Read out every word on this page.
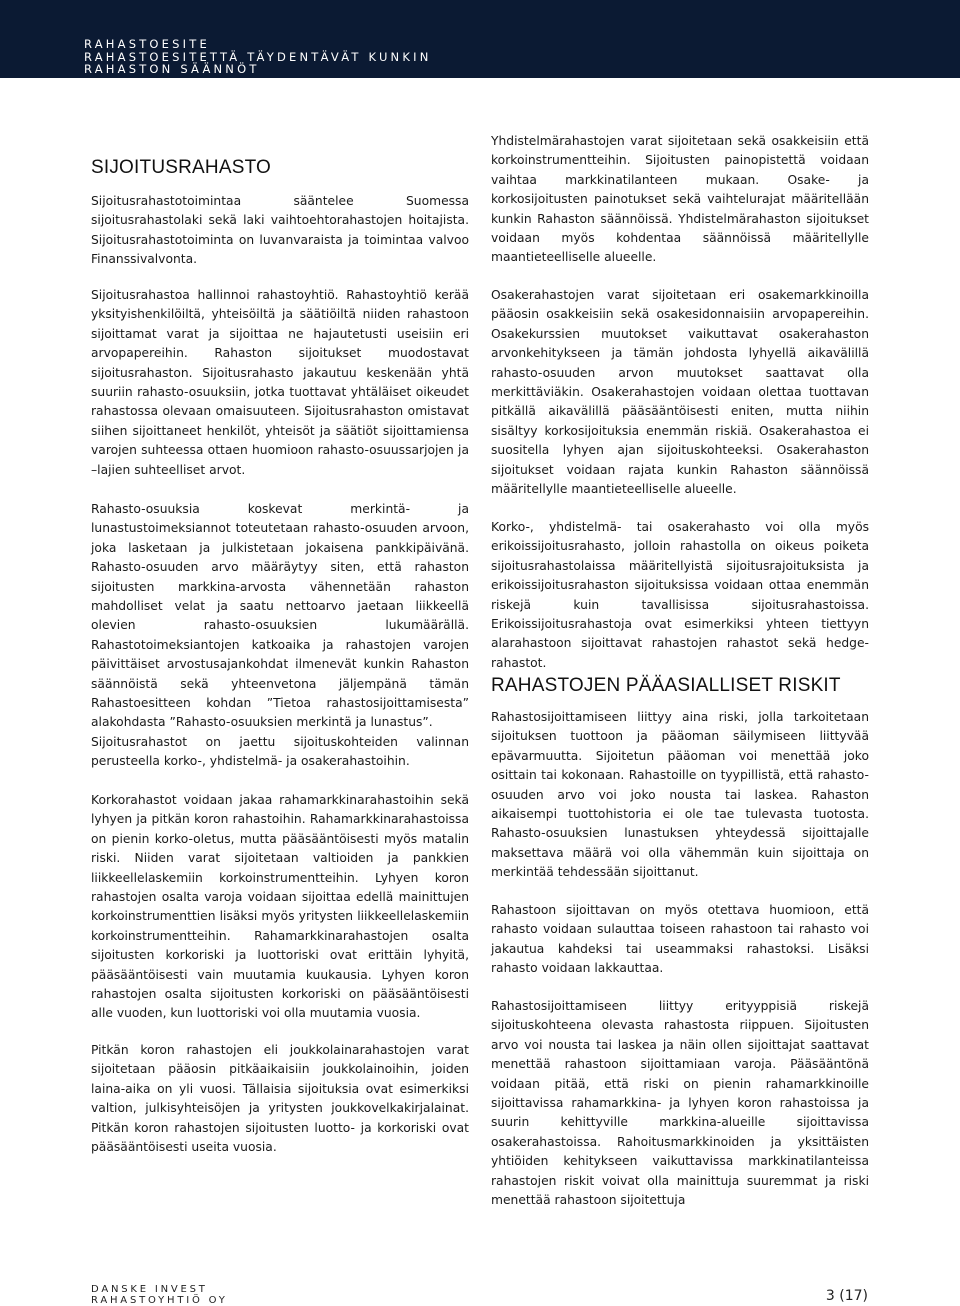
RAHASTOESITE
RAHASTOESITETTÄ TÄYDENTÄVÄT KUNKIN
RAHASTON SÄÄNNÖT
SIJOITUSRAHASTO

Sijoitusrahastotoimintaa sääntelee Suomessa sijoitusrahastolaki sekä laki vaihtoehtorahastojen hoitajista. Sijoitusrahastotoiminta on luvanvaraista ja toimintaa valvoo Finanssivalvonta.

Sijoitusrahastoa hallinnoi rahastoyhtiö. Rahastoyhtiö kerää yksityishenkilöiltä, yhteisöiltä ja säätiöiltä niiden rahastoon sijoittamat varat ja sijoittaa ne hajautetusti useisiin eri arvopapereihin. Rahaston sijoitukset muodostavat sijoitusrahaston. Sijoitusrahasto jakautuu keskenään yhtä suuriin rahasto-osuuksiin, jotka tuottavat yhtäläiset oikeudet rahastossa olevaan omaisuuteen. Sijoitusrahaston omistavat siihen sijoittaneet henkilöt, yhteisöt ja säätiöt sijoittamiensa varojen suhteessa ottaen huomioon rahasto-osuussarjojen ja –lajien suhteelliset arvot.

Rahasto-osuuksia koskevat merkintä- ja lunastustoimeksiannot toteutetaan rahasto-osuuden arvoon, joka lasketaan ja julkistetaan jokaisena pankkipäivänä. Rahasto-osuuden arvo määräytyy siten, että rahaston sijoitusten markkina-arvosta vähennetään rahaston mahdolliset velat ja saatu nettoarvo jaetaan liikkeellä olevien rahasto-osuuksien lukumäärällä. Rahastotoimeksiantojen katkoaika ja rahastojen varojen päivittäiset arvostusajankohdat ilmenevät kunkin Rahaston säännöistä sekä yhteenvetona jäljempänä tämän Rahastoesitteen kohdan ”Tietoa rahastosijoittamisesta” alakohdasta ”Rahasto-osuuksien merkintä ja lunastus”.

Sijoitusrahastot on jaettu sijoituskohteiden valinnan perusteella korko-, yhdistelmä- ja osakerahastoihin.

Korkorahastot voidaan jakaa rahamarkkinarahastoihin sekä lyhyen ja pitkän koron rahastoihin. Rahamarkkinarahastoissa on pienin korko-oletus, mutta pääsääntöisesti myös matalin riski. Niiden varat sijoitetaan valtioiden ja pankkien liikkeellelaskemiin korkoinstrumentteihin. Lyhyen koron rahastojen osalta varoja voidaan sijoittaa edellä mainittujen korkoinstrumenttien lisäksi myös yritysten liikkeellelaskemiin korkoinstrumentteihin. Rahamarkkinarahastojen osalta sijoitusten korkoriski ja luottoriski ovat erittäin lyhyitä, pääsääntöisesti vain muutamia kuukausia. Lyhyen koron rahastojen osalta sijoitusten korkoriski on pääsääntöisesti alle vuoden, kun luottoriski voi olla muutamia vuosia.

Pitkän koron rahastojen eli joukkolainarahastojen varat sijoitetaan pääosin pitkäaikaisiin joukkolainoihin, joiden laina-aika on yli vuosi. Tällaisia sijoituksia ovat esimerkiksi valtion, julkisyhteisöjen ja yritysten joukkovelkakirjalainat. Pitkän koron rahastojen sijoitusten luotto- ja korkoriski ovat pääsääntöisesti useita vuosia.

Yhdistelmärahastojen varat sijoitetaan sekä osakkeisiin että korkoinstrumentteihin. Sijoitusten painopistettä voidaan vaihtaa markkinatilanteen mukaan. Osake- ja korkosijoitusten painotukset sekä vaihtelurajat määritellään kunkin Rahaston säännöissä. Yhdistelmärahaston sijoitukset voidaan myös kohdentaa säännöissä määritellylle maantieteelliselle alueelle.

Osakerahastojen varat sijoitetaan eri osakemarkkinoilla pääosin osakkeisiin sekä osakesidonnaisiin arvopapereihin. Osakekurssien muutokset vaikuttavat osakerahaston arvonkehitykseen ja tämän johdosta lyhyellä aikavälillä rahasto-osuuden arvon muutokset saattavat olla merkittäviäkin. Osakerahastojen voidaan olettaa tuottavan pitkällä aikavälillä pääsääntöisesti eniten, mutta niihin sisältyy korkosijoituksia enemmän riskiä. Osakerahastoa ei suositella lyhyen ajan sijoituskohteeksi. Osakerahaston sijoitukset voidaan rajata kunkin Rahaston säännöissä määritellylle maantieteelliselle alueelle.

Korko-, yhdistelmä- tai osakerahasto voi olla myös erikoissijoitusrahasto, jolloin rahastolla on oikeus poiketa sijoitusrahastolaissa määritellyistä sijoitusrajoituksista ja erikoissijoitusrahaston sijoituksissa voidaan ottaa enemmän riskejä kuin tavallisissa sijoitusrahastoissa. Erikoissijoitusrahastoja ovat esimerkiksi yhteen tiettyyn alarahastoon sijoittavat rahastojen rahastot sekä hedge-rahastot.

RAHASTOJEN PÄÄASIALLISET RISKIT

Rahastosijoittamiseen liittyy aina riski, jolla tarkoitetaan sijoituksen tuottoon ja pääoman säilymiseen liittyvää epävarmuutta. Sijoitetun pääoman voi menettää joko osittain tai kokonaan. Rahastoille on tyypillistä, että rahasto-osuuden arvo voi joko nousta tai laskea. Rahaston aikaisempi tuottohistoria ei ole tae tulevasta tuotosta. Rahasto-osuuksien lunastuksen yhteydessä sijoittajalle maksettava määrä voi olla vähemmän kuin sijoittaja on merkintää tehdessään sijoittanut.

Rahastoon sijoittavan on myös otettava huomioon, että rahasto voidaan sulauttaa toiseen rahastoon tai rahasto voi jakautua kahdeksi tai useammaksi rahastoksi. Lisäksi rahasto voidaan lakkauttaa.

Rahastosijoittamiseen liittyy erityyppisiä riskejä sijoituskohteena olevasta rahastosta riippuen. Sijoitusten arvo voi nousta tai laskea ja näin ollen sijoittajat saattavat menettää rahastoon sijoittamiaan varoja. Pääsääntönä voidaan pitää, että riski on pienin rahamarkkinoille sijoittavissa rahamarkkina- ja lyhyen koron rahastoissa ja suurin kehittyville markkina-alueille sijoittavissa osakerahastoissa. Rahoitusmarkkinoiden ja yksittäisten yhtiöiden kehitykseen vaikuttavissa markkinatilanteissa rahastojen riskit voivat olla mainittuja suuremmat ja riski menettää rahastoon sijoitettuja

DANSKE INVEST
RAHASTOYHTIÖ OY	3 (17)
